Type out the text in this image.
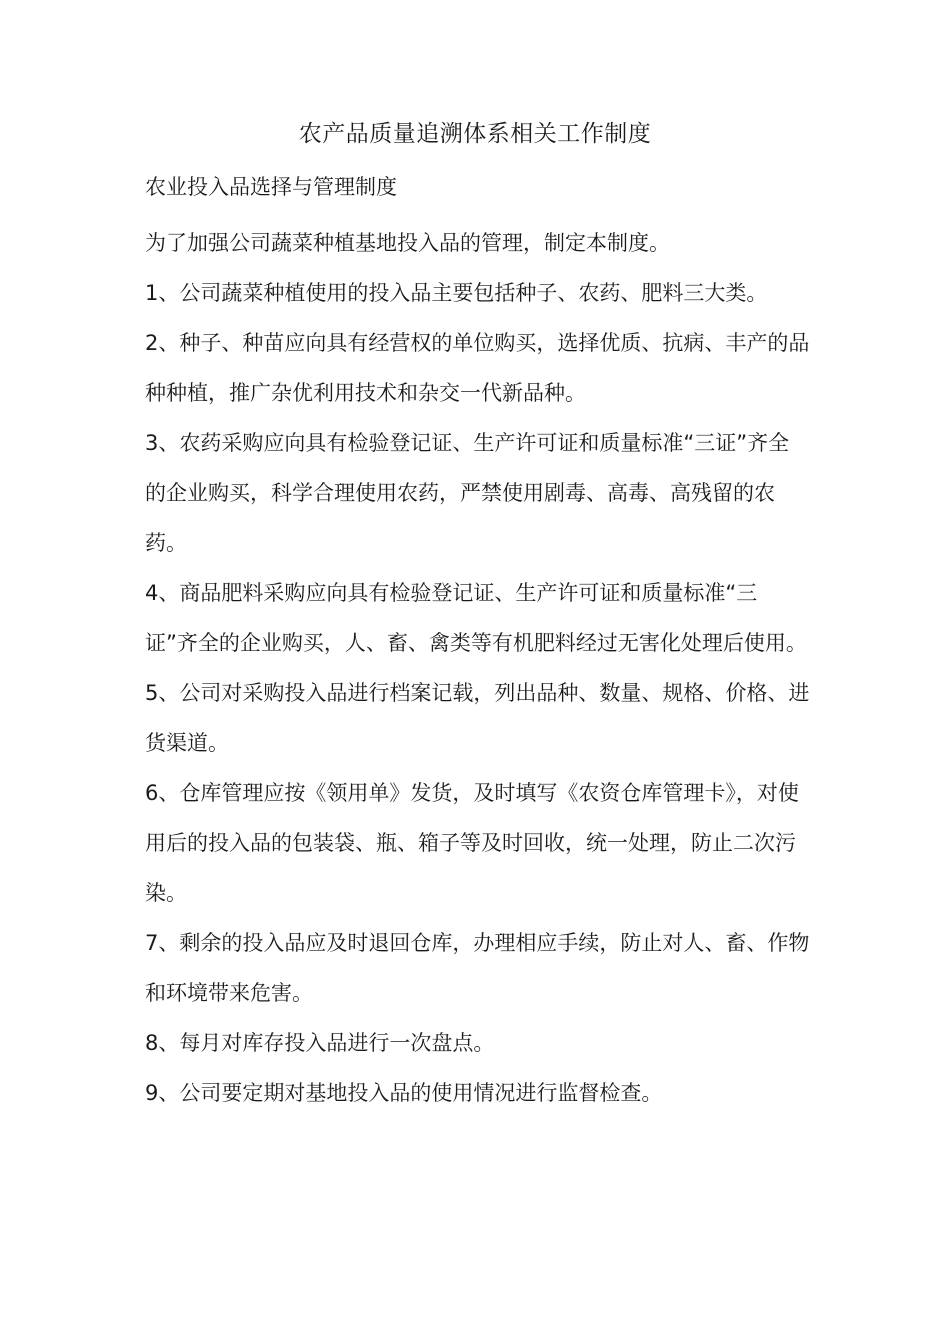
农产品质量追溯体系相关工作制度
农业投入品选择与管理制度

为了加强公司蔬菜种植基地投入品的管理，制定本制度。

1、公司蔬菜种植使用的投入品主要包括种子、农药、肥料三大类。

2、种子、种苗应向具有经营权的单位购买，选择优质、抗病、丰产的品种种植，推广杂优利用技术和杂交一代新品种。

3、农药采购应向具有检验登记证、生产许可证和质量标准“三证”齐全的企业购买，科学合理使用农药，严禁使用剧毒、高毒、高残留的农药。

4、商品肥料采购应向具有检验登记证、生产许可证和质量标准“三证”齐全的企业购买，人、畜、禽类等有机肥料经过无害化处理后使用。

5、公司对采购投入品进行档案记载，列出品种、数量、规格、价格、进货渠道。

6、仓库管理应按《领用单》发货，及时填写《农资仓库管理卡》，对使用后的投入品的包装袋、瓶、箱子等及时回收，统一处理，防止二次污染。

7、剩余的投入品应及时退回仓库，办理相应手续，防止对人、畜、作物和环境带来危害。

8、每月对库存投入品进行一次盘点。

9、公司要定期对基地投入品的使用情况进行监督检查。
